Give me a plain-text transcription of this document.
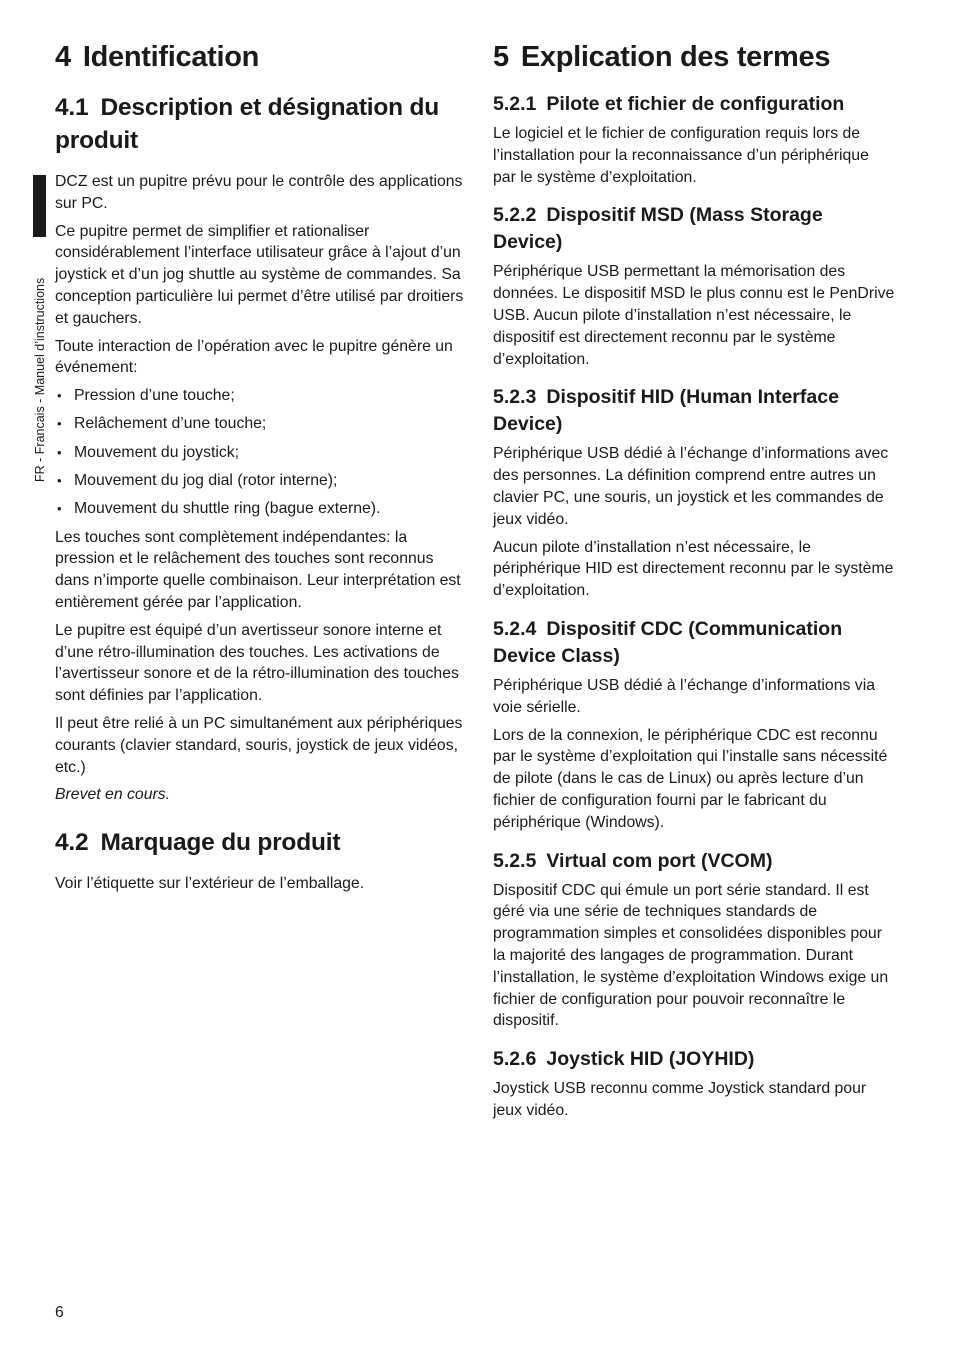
FR - Francais - Manuel d’instructions
4 Identification
4.1 Description et désignation du produit

DCZ est un pupitre prévu pour le contrôle des applications sur PC.

Ce pupitre permet de simplifier et rationaliser considérablement l’interface utilisateur grâce à l’ajout d’un joystick et d’un jog shuttle au système de commandes. Sa conception particulière lui permet d’être utilisé par droitiers et gauchers.

Toute interaction de l’opération avec le pupitre génère un événement:

• Pression d’une touche;
• Relâchement d’une touche;
• Mouvement du joystick;
• Mouvement du jog dial (rotor interne);
• Mouvement du shuttle ring (bague externe).

Les touches sont complètement indépendantes: la pression et le relâchement des touches sont reconnus dans n’importe quelle combinaison. Leur interprétation est entièrement gérée par l’application.

Le pupitre est équipé d’un avertisseur sonore interne et d’une rétro-illumination des touches. Les activations de l’avertisseur sonore et de la rétro-illumination des touches sont définies par l’application.

Il peut être relié à un PC simultanément aux périphériques courants (clavier standard, souris, joystick de jeux vidéos, etc.)

Brevet en cours.

4.2 Marquage du produit

Voir l’étiquette sur l’extérieur de l’emballage.

5 Explication des termes
5.2.1 Pilote et fichier de configuration

Le logiciel et le fichier de configuration requis lors de l’installation pour la reconnaissance d’un périphérique par le système d’exploitation.

5.2.2 Dispositif MSD (Mass Storage Device)

Périphérique USB permettant la mémorisation des données. Le dispositif MSD le plus connu est le PenDrive USB. Aucun pilote d’installation n’est nécessaire, le dispositif est directement reconnu par le système d’exploitation.

5.2.3 Dispositif HID (Human Interface Device)

Périphérique USB dédié à l’échange d’informations avec des personnes. La définition comprend entre autres un clavier PC, une souris, un joystick et les commandes de jeux vidéo.

Aucun pilote d’installation n’est nécessaire, le périphérique HID est directement reconnu par le système d’exploitation.

5.2.4 Dispositif CDC (Communication Device Class)

Périphérique USB dédié à l’échange d’informations via voie sérielle.

Lors de la connexion, le périphérique CDC est reconnu par le système d’exploitation qui l’installe sans nécessité de pilote (dans le cas de Linux) ou après lecture d’un fichier de configuration fourni par le fabricant du périphérique (Windows).

5.2.5 Virtual com port (VCOM)

Dispositif CDC qui émule un port série standard. Il est géré via une série de techniques standards de programmation simples et consolidées disponibles pour la majorité des langages de programmation. Durant l’installation, le système d’exploitation Windows exige un fichier de configuration pour pouvoir reconnaître le dispositif.

5.2.6 Joystick HID (JOYHID)

Joystick USB reconnu comme Joystick standard pour jeux vidéo.

6
